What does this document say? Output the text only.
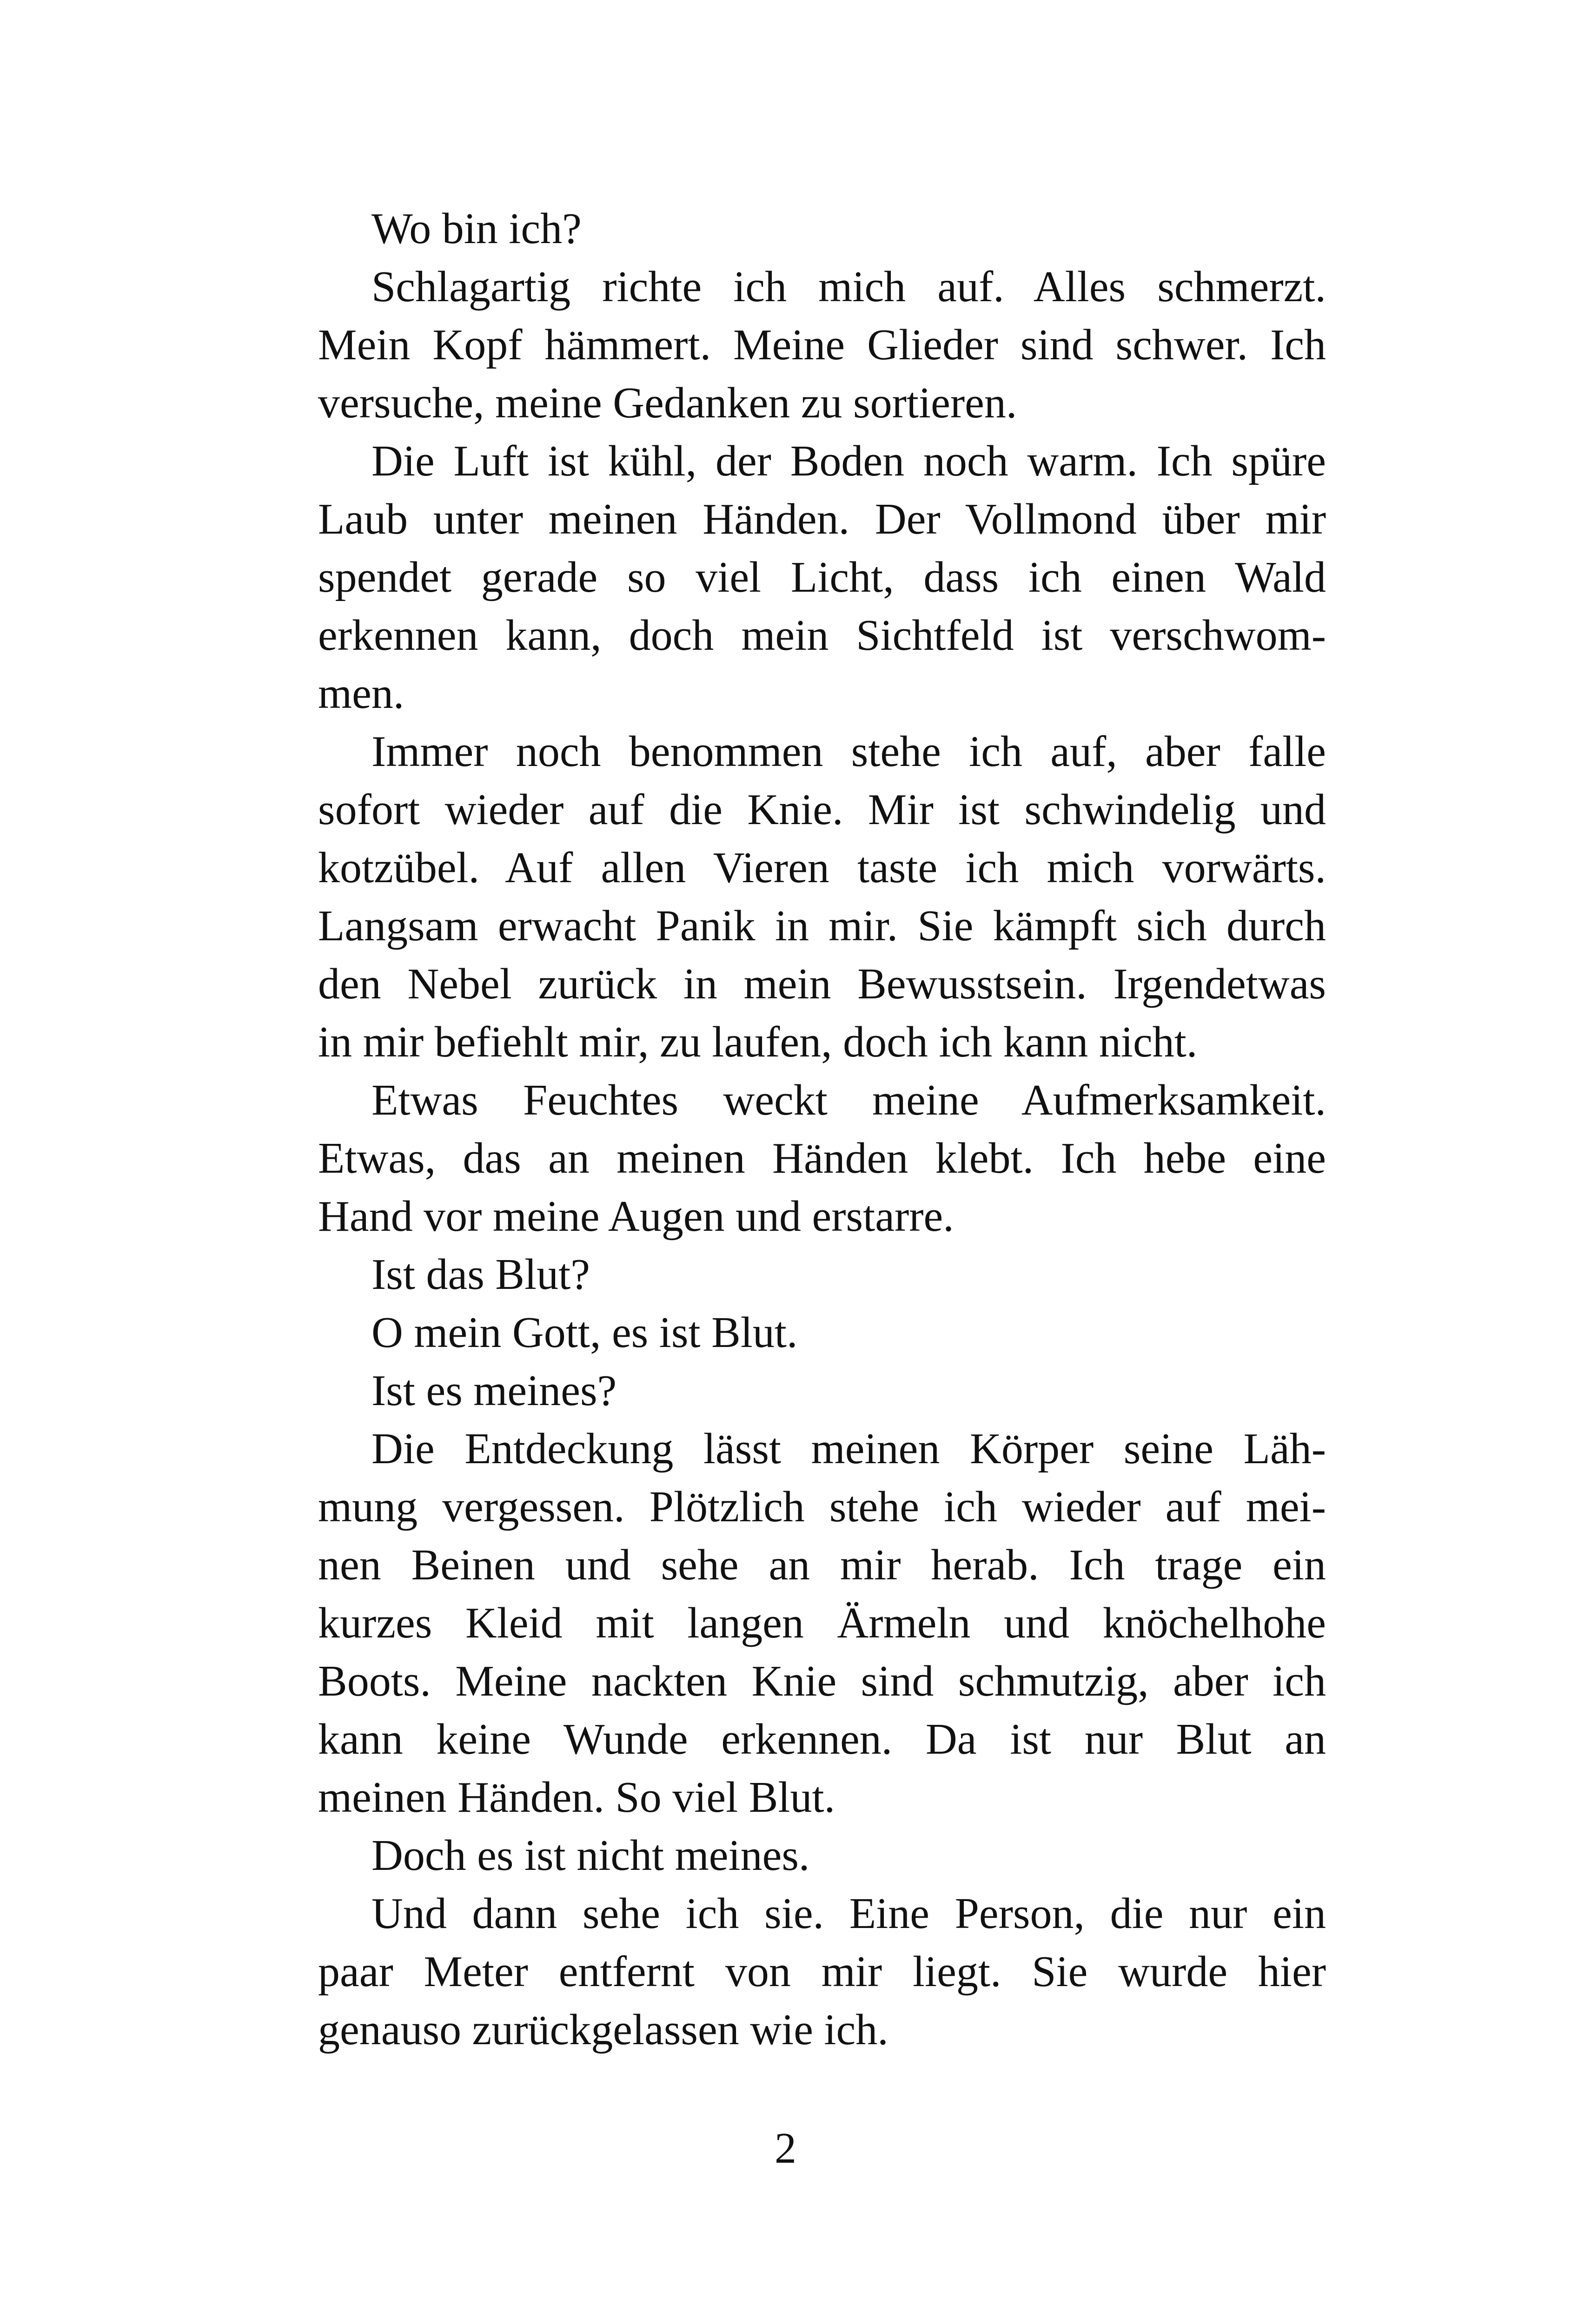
Wo bin ich?
Schlagartig richte ich mich auf. Alles schmerzt.
Mein Kopf hämmert. Meine Glieder sind schwer. Ich
versuche, meine Gedanken zu sortieren.
Die Luft ist kühl, der Boden noch warm. Ich spüre
Laub unter meinen Händen. Der Vollmond über mir
spendet gerade so viel Licht, dass ich einen Wald
erkennen kann, doch mein Sichtfeld ist verschwom-
men.
Immer noch benommen stehe ich auf, aber falle
sofort wieder auf die Knie. Mir ist schwindelig und
kotzübel. Auf allen Vieren taste ich mich vorwärts.
Langsam erwacht Panik in mir. Sie kämpft sich durch
den Nebel zurück in mein Bewusstsein. Irgendetwas
in mir befiehlt mir, zu laufen, doch ich kann nicht.
Etwas Feuchtes weckt meine Aufmerksamkeit.
Etwas, das an meinen Händen klebt. Ich hebe eine
Hand vor meine Augen und erstarre.
Ist das Blut?
O mein Gott, es ist Blut.
Ist es meines?
Die Entdeckung lässt meinen Körper seine Läh-
mung vergessen. Plötzlich stehe ich wieder auf mei-
nen Beinen und sehe an mir herab. Ich trage ein
kurzes Kleid mit langen Ärmeln und knöchelhohe
Boots. Meine nackten Knie sind schmutzig, aber ich
kann keine Wunde erkennen. Da ist nur Blut an
meinen Händen. So viel Blut.
Doch es ist nicht meines.
Und dann sehe ich sie. Eine Person, die nur ein
paar Meter entfernt von mir liegt. Sie wurde hier
genauso zurückgelassen wie ich.
2
